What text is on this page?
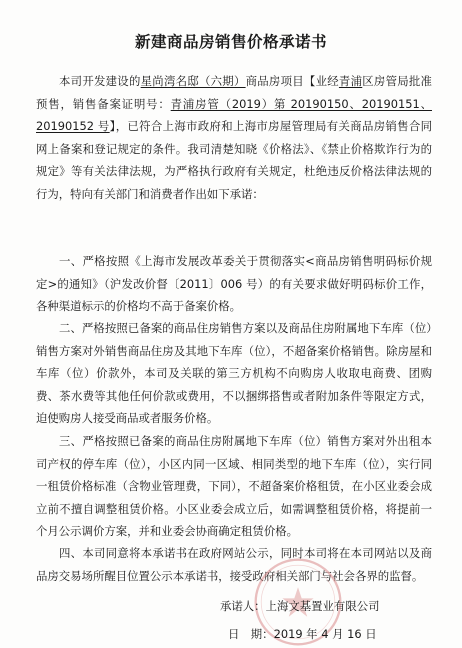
新建商品房销售价格承诺书
本司开发建设的星尚湾名邸（六期）商品房项目【业经青浦区房管局批准预售，销售备案证明号：青浦房管（2019）第 20190150、20190151、20190152 号】，已符合上海市政府和上海市房屋管理局有关商品房销售合同网上备案和登记规定的条件。我司清楚知晓《价格法》、《禁止价格欺诈行为的规定》等有关法律法规，为严格执行政府有关规定，杜绝违反价格法律法规的行为，特向有关部门和消费者作出如下承诺：
一、严格按照《上海市发展改革委关于贯彻落实<商品房销售明码标价规定>的通知》（沪发改价督〔2011〕006 号）的有关要求做好明码标价工作，各种渠道标示的价格均不高于备案价格。
二、严格按照已备案的商品住房销售方案以及商品住房附属地下车库（位）销售方案对外销售商品住房及其地下车库（位），不超备案价格销售。除房屋和车库（位）价款外，本司及关联的第三方机构不向购房人收取电商费、团购费、茶水费等其他任何价款或费用，不以捆绑搭售或者附加条件等限定方式，迫使购房人接受商品或者服务价格。
三、严格按照已备案的商品住房附属地下车库（位）销售方案对外出租本司产权的停车库（位），小区内同一区域、相同类型的地下车库（位），实行同一租赁价格标准（含物业管理费，下同），不超备案价格租赁，在小区业委会成立前不擅自调整租赁价格。小区业委会成立后，如需调整租赁价格，将提前一个月公示调价方案，并和业委会协商确定租赁价格。
四、本司同意将本承诺书在政府网站公示，同时本司将在本司网站以及商品房交易场所醒目位置公示本承诺书，接受政府相关部门与社会各界的监督。
承诺人：上海文基置业有限公司
日　期：2019 年 4 月 16 日
